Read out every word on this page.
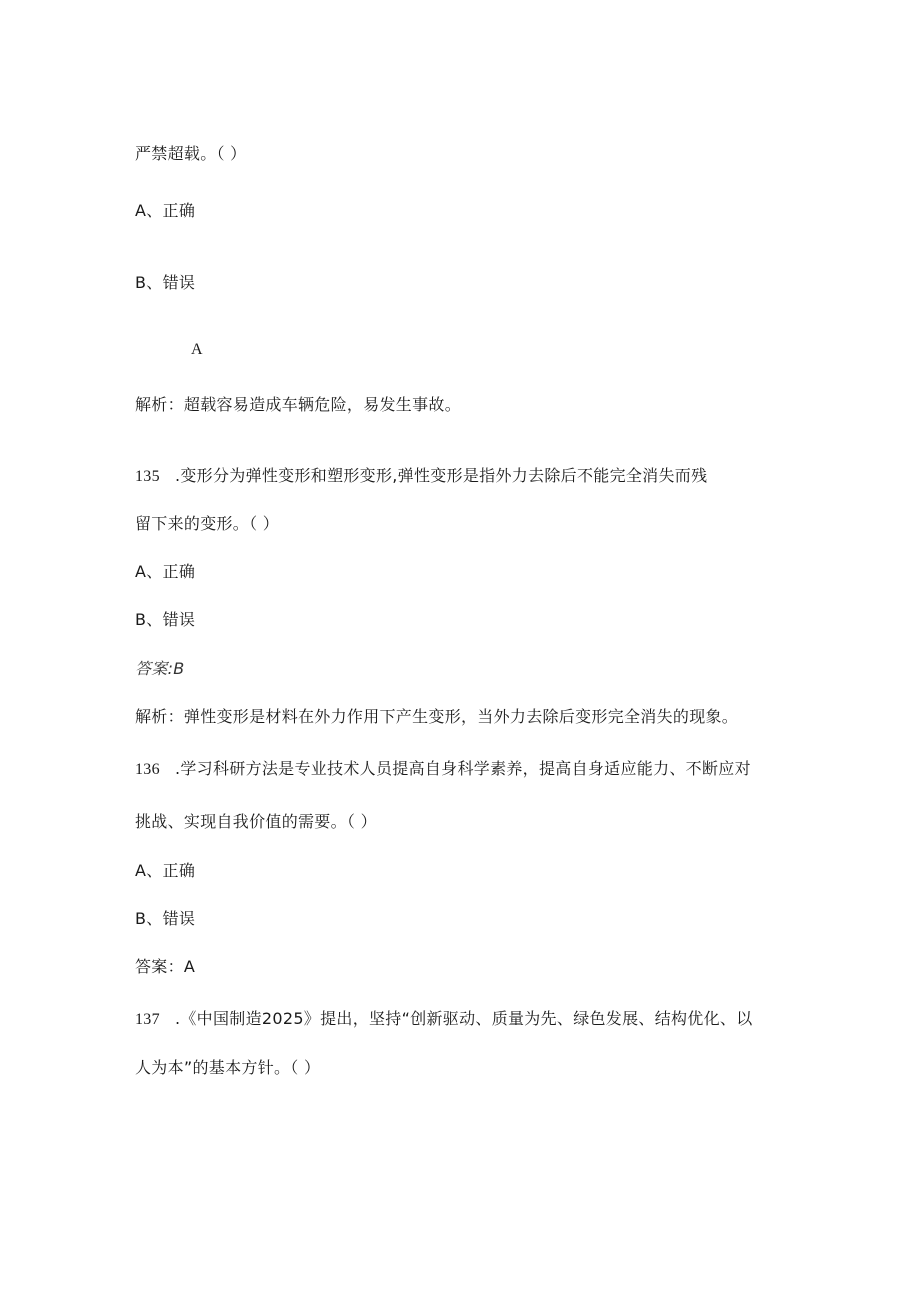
严禁超载。（ ）
A、正确
B、错误
A
解析：超载容易造成车辆危险，易发生事故。
135 .变形分为弹性变形和塑形变形,弹性变形是指外力去除后不能完全消失而残
留下来的变形。（ ）
A、正确
B、错误
答案:B
解析：弹性变形是材料在外力作用下产生变形，当外力去除后变形完全消失的现象。
136 .学习科研方法是专业技术人员提高自身科学素养，提高自身适应能力、不断应对
挑战、实现自我价值的需要。（ ）
A、正确
B、错误
答案：A
137 .《中国制造2025》提出，坚持“创新驱动、质量为先、绿色发展、结构优化、以
人为本”的基本方针。（ ）
